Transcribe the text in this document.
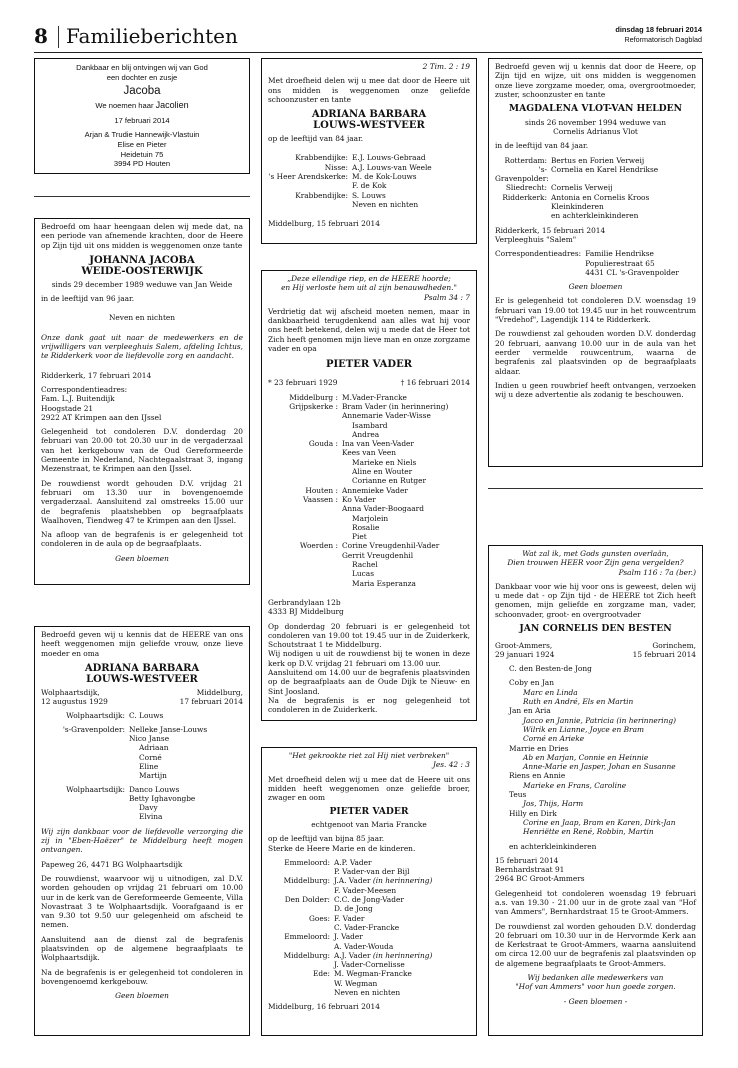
8 Familieberichten	dinsdag 18 februari 2014
Reformatorisch Dagblad
Dankbaar en blij ontvingen wij van God
een dochter en zusje
Jacoba
We noemen haar Jacolien
17 februari 2014
Arjan & Trudie Hannewijk-Vlastuin
Elise en Pieter
Heidetuin 75
3994 PD Houten

Bedroefd om haar heengaan delen wij mede dat, na een periode van afnemende krachten, door de Heere op Zijn tijd uit ons midden is weggenomen onze tante

JOHANNA JACOBA
WEIDE-OOSTERWIJK
sinds 29 december 1989 weduwe van Jan Weide
in de leeftijd van 96 jaar.
Neven en nichten

Onze dank gaat uit naar de medewerkers en de vrijwilligers van verpleeghuis Salem, afdeling Ichtus, te Ridderkerk voor de liefdevolle zorg en aandacht.

Ridderkerk, 17 februari 2014
Correspondentieadres:
Fam. L.J. Buitendijk
Hoogstade 21
2922 AT Krimpen aan den IJssel

Gelegenheid tot condoleren D.V. donderdag 20 februari van 20.00 tot 20.30 uur in de vergaderzaal van het kerkgebouw van de Oud Gereformeerde Gemeente in Nederland, Nachtegaalstraat 3, ingang Mezenstraat, te Krimpen aan den IJssel.

De rouwdienst wordt gehouden D.V. vrijdag 21 februari om 13.30 uur in bovengenoemde vergaderzaal. Aansluitend zal omstreeks 15.00 uur de begrafenis plaatshebben op begraafplaats Waalhoven, Tiendweg 47 te Krimpen aan den IJssel.

Na afloop van de begrafenis is er gelegenheid tot condoleren in de aula op de begraafplaats.

Geen bloemen

Bedroefd geven wij u kennis dat de HEERE van ons heeft weggenomen mijn geliefde vrouw, onze lieve moeder en oma

ADRIANA BARBARA
LOUWS-WESTVEER
Wolphaartsdijk,
12 augustus 1929
Middelburg,
17 februari 2014
Wolphaartsdijk: C. Louws
's-Gravenpolder: Nelleke Janse-Louws
Nico Janse
Adriaan
Corné
Eline
Martijn
Wolphaartsdijk: Danco Louws
Betty Ighavongbe
Davy
Elvina

Wij zijn dankbaar voor de liefdevolle verzorging die zij in "Eben-Haëzer" te Middelburg heeft mogen ontvangen.

Papeweg 26, 4471 BG Wolphaartsdijk

De rouwdienst, waarvoor wij u uitnodigen, zal D.V. worden gehouden op vrijdag 21 februari om 10.00 uur in de kerk van de Gereformeerde Gemeente, Villa Novastraat 3 te Wolphaartsdijk. Voorafgaand is er van 9.30 tot 9.50 uur gelegenheid om afscheid te nemen.

Aansluitend aan de dienst zal de begrafenis plaatsvinden op de algemene begraafplaats te Wolphaartsdijk.

Na de begrafenis is er gelegenheid tot condoleren in bovengenoemd kerkgebouw.

Geen bloemen
2 Tim. 2 : 19

Met droefheid delen wij u mee dat door de Heere uit ons midden is weggenomen onze geliefde schoonzuster en tante

ADRIANA BARBARA
LOUWS-WESTVEER
op de leeftijd van 84 jaar.
Krabbendijke: E.J. Louws-Gebraad
Nisse: A.J. Louws-van Weele
's Heer Arendskerke: M. de Kok-Louws
F. de Kok
Krabbendijke: S. Louws
Neven en nichten
Middelburg, 15 februari 2014
„Deze ellendige riep, en de HEERE hoorde;
en Hij verloste hem uit al zijn benauwdheden."
Psalm 34 : 7

Verdrietig dat wij afscheid moeten nemen, maar in dankbaarheid terugdenkend aan alles wat hij voor ons heeft betekend, delen wij u mede dat de Heer tot Zich heeft genomen mijn lieve man en onze zorgzame vader en opa

PIETER VADER
* 23 februari 1929	† 16 februari 2014
Middelburg : M.Vader-Francke
Grijpskerke : Bram Vader (in herinnering)
Annemarie Vader-Wisse
Isambard
Andrea
Gouda : Ina van Veen-Vader
Kees van Veen
Marieke en Niels
Aline en Wouter
Corianne en Rutger
Houten : Annemieke Vader
Vaassen : Ko Vader
Anna Vader-Boogaard
Marjolein
Rosalie
Piet
Woerden : Corine Vreugdenhil-Vader
Gerrit Vreugdenhil
Rachel
Lucas
Maria Esperanza
Gerbrandylaan 12b
4333 BJ Middelburg
Op donderdag 20 februari is er gelegenheid tot condoleren van 19.00 tot 19.45 uur in de Zuiderkerk, Schoutstraat 1 te Middelburg.
Wij nodigen u uit de rouwdienst bij te wonen in deze kerk op D.V. vrijdag 21 februari om 13.00 uur.
Aansluitend om 14.00 uur de begrafenis plaatsvinden op de begraafplaats aan de Oude Dijk te Nieuw- en Sint Joosland.
Na de begrafenis is er nog gelegenheid tot condoleren in de Zuiderkerk.
"Het gekrookte riet zal Hij niet verbreken"
Jes. 42 : 3

Met droefheid delen wij u mee dat de Heere uit ons midden heeft weggenomen onze geliefde broer, zwager en oom

PIETER VADER
echtgenoot van Maria Francke
op de leeftijd van bijna 85 jaar.
Sterke de Heere Marie en de kinderen.
Emmeloord: A.P. Vader
P. Vader-van der Bijl
Middelburg: J.A. Vader (in herinnering)
F. Vader-Meesen
Den Dolder: C.C. de Jong-Vader
D. de Jong
Goes: F. Vader
C. Vader-Francke
Emmeloord: J. Vader
A. Vader-Wouda
Middelburg: A.J. Vader (in herinnering)
J. Vader-Cornelisse
Ede: M. Wegman-Francke
W. Wegman
Neven en nichten
Middelburg, 16 februari 2014

Bedroefd geven wij u kennis dat door de Heere, op Zijn tijd en wijze, uit ons midden is weggenomen onze lieve zorgzame moeder, oma, overgrootmoeder, zuster, schoonzuster en tante

MAGDALENA VLOT-VAN HELDEN
sinds 26 november 1994 weduwe van
Cornelis Adrianus Vlot
in de leeftijd van 84 jaar.
Rotterdam: Bertus en Forien Verweij
's-Gravenpolder:
Cornelia en Karel Hendrikse
Sliedrecht: Cornelis Verweij
Ridderkerk: Antonia en Cornelis Kroos
Kleinkinderen
en achterkleinkinderen
Ridderkerk, 15 februari 2014
Verpleeghuis "Salem"
Correspondentieadres: Familie Hendrikse
Populierestraat 65
4431 CL 's-Gravenpolder
Geen bloemen

Er is gelegenheid tot condoleren D.V. woensdag 19 februari van 19.00 tot 19.45 uur in het rouwcentrum "Vredehof", Lagendijk 114 te Ridderkerk.

De rouwdienst zal gehouden worden D.V. donderdag 20 februari, aanvang 10.00 uur in de aula van het eerder vermelde rouwcentrum, waarna de begrafenis zal plaatsvinden op de begraafplaats aldaar.

Indien u geen rouwbrief heeft ontvangen, verzoeken wij u deze advertentie als zodanig te beschouwen.

Wat zal ik, met Gods gunsten overlaän,
Dien trouwen HEER voor Zijn gena vergelden?
Psalm 116 : 7a (ber.)

Dankbaar voor wie hij voor ons is geweest, delen wij u mede dat - op Zijn tijd - de HEERE tot Zich heeft genomen, mijn geliefde en zorgzame man, vader, schoonvader, groot- en overgrootvader

JAN CORNELIS DEN BESTEN
Groot-Ammers,
29 januari 1924
Gorinchem,
15 februari 2014
C. den Besten-de Jong
Coby en Jan
Marc en Linda
Ruth en André, Els en Martin
Jan en Aria
Jacco en Jannie, Patricia (in herinnering)
Wilrik en Lianne, Joyce en Bram
Corné en Arieke
Marrie en Dries
Ab en Marjan, Connie en Heinnie
Anne-Marie en Jasper, Johan en Susanne
Riens en Annie
Marieke en Frans, Caroline
Teus
Jos, Thijs, Harm
Hilly en Dirk
Corine en Jaap, Bram en Karen, Dirk-Jan
Henriëtte en René, Robbin, Martin
en achterkleinkinderen
15 februari 2014
Bernhardstraat 91
2964 BC Groot-Ammers

Gelegenheid tot condoleren woensdag 19 februari a.s. van 19.30 - 21.00 uur in de grote zaal van "Hof van Ammers", Bernhardstraat 15 te Groot-Ammers.

De rouwdienst zal worden gehouden D.V. donderdag 20 februari om 10.30 uur in de Hervormde Kerk aan de Kerkstraat te Groot-Ammers, waarna aansluitend om circa 12.00 uur de begrafenis zal plaatsvinden op de algemene begraafplaats te Groot-Ammers.

Wij bedanken alle medewerkers van
"Hof van Ammers" voor hun goede zorgen.
- Geen bloemen -
